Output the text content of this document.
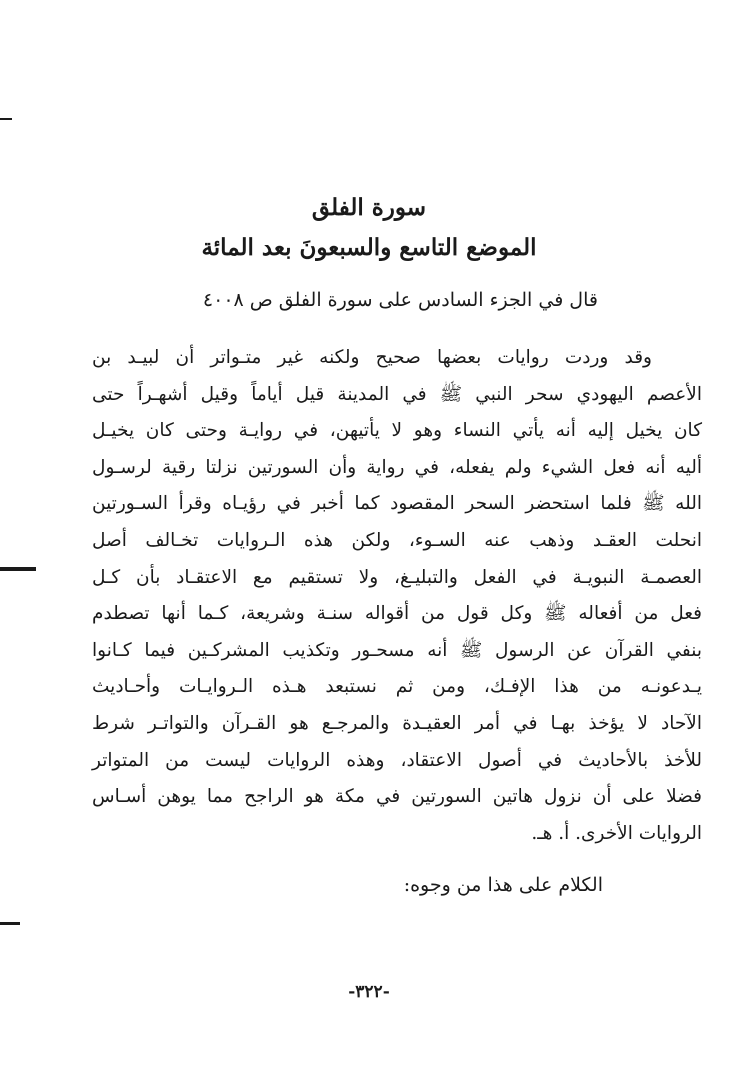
سورة الفلق
الموضع التاسع والسبعونَ بعد المائة
قال في الجزء السادس على سورة الفلق ص ٤٠٠٨
وقد وردت روايات بعضها صحيح ولكنه غير متـواتر أن لبيـد بن
الأعصم اليهودي سحر النبي ﷺ في المدينة قيل أياماً وقيل أشهـراً حتى
كان يخيل إليه أنه يأتي النساء وهو لا يأتيهن، في روايـة وحتى كان يخيـل
أليه أنه فعل الشيء ولم يفعله، في رواية وأن السورتين نزلتا رقية لرسـول
الله ﷺ فلما استحضر السحر المقصود كما أخبر في رؤيـاه وقرأ السـورتين
انحلت العقـد وذهب عنه السـوء، ولكن هذه الـروايات تخـالف أصل
العصمـة النبويـة في الفعل والتبليـغ، ولا تستقيم مع الاعتقـاد بأن كـل
فعل من أفعاله ﷺ وكل قول من أقواله سنـة وشريعة، كـما أنها تصطدم
بنفي القرآن عن الرسول ﷺ أنه مسحـور وتكذيب المشركـين فيما كـانوا
يـدعونـه من هذا الإفـك، ومن ثم نستبعد هـذه الـروايـات وأحـاديث
الآحاد لا يؤخذ بهـا في أمر العقيـدة والمرجـع هو القـرآن والتواتـر شرط
للأخذ بالأحاديث في أصول الاعتقاد، وهذه الروايات ليست من المتواتر
فضلا على أن نزول هاتين السورتين في مكة هو الراجح مما يوهن أسـاس
الروايات الأخرى. أ. هـ.
الكلام على هذا من وجوه:
-٣٢٢-
